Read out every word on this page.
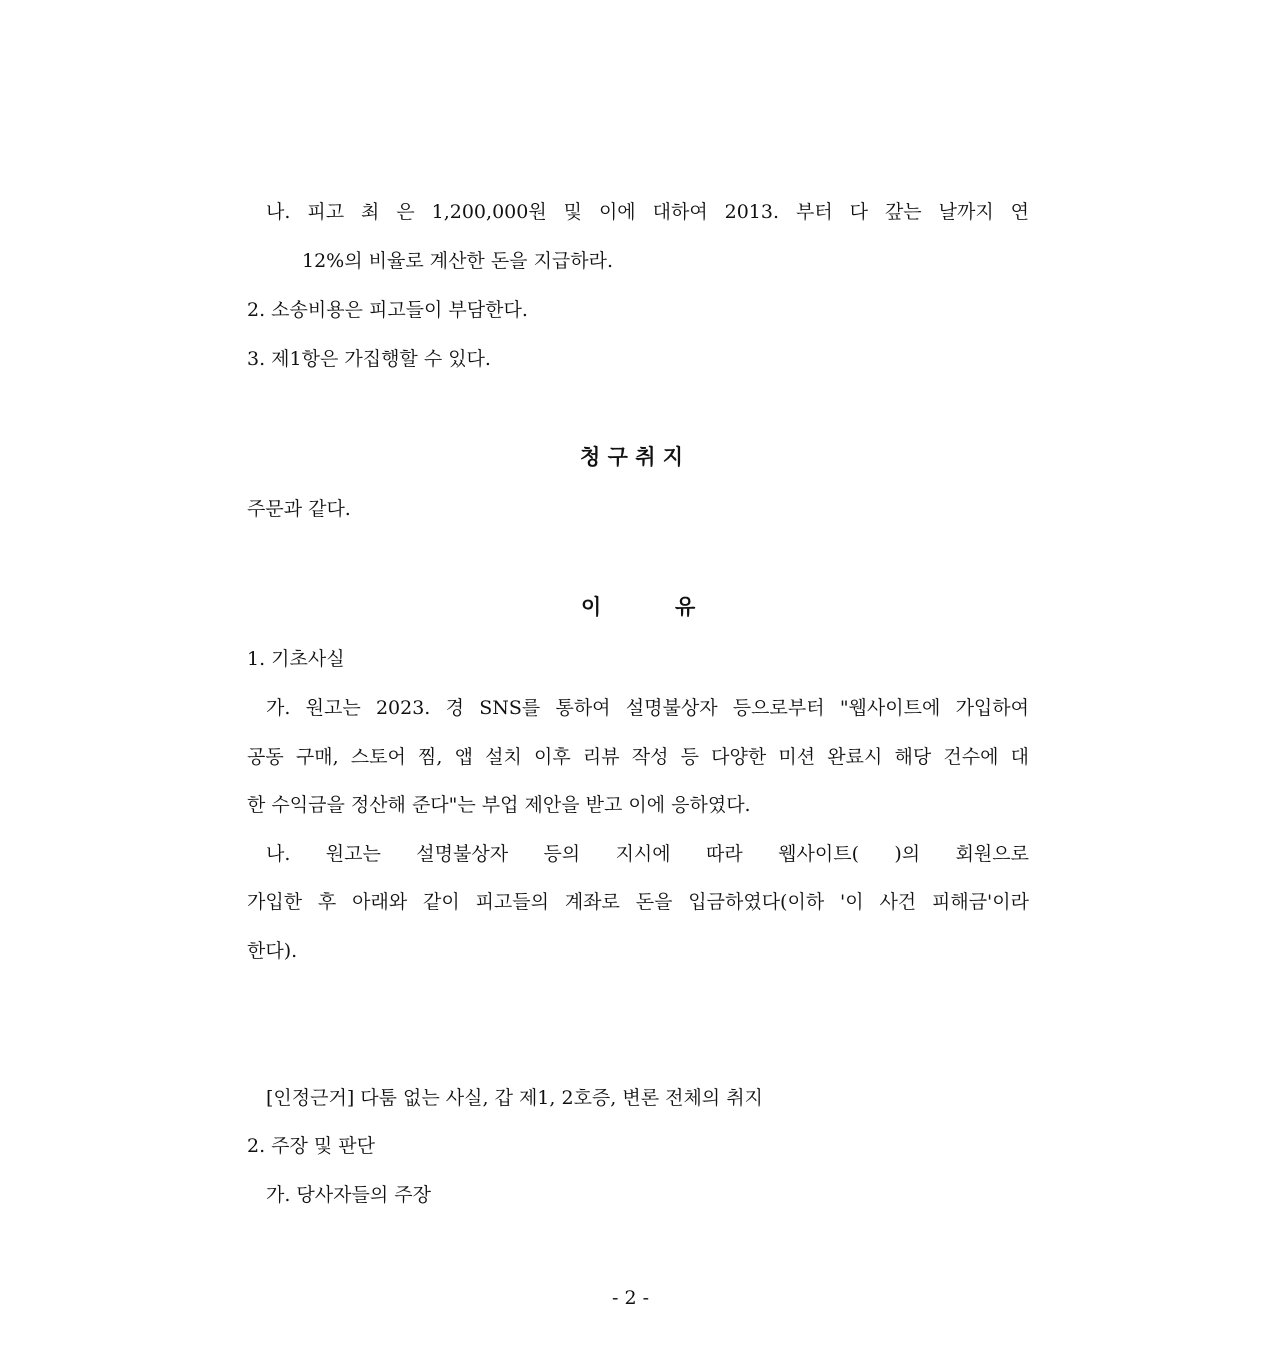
나. 피고 최 은 1,200,000원 및 이에 대하여 2013. 부터 다 갚는 날까지 연
12%의 비율로 계산한 돈을 지급하라.
2. 소송비용은 피고들이 부담한다.
3. 제1항은 가집행할 수 있다.
청 구 취 지
주문과 같다.
이	유
1. 기초사실
가. 원고는 2023. 경 SNS를 통하여 설명불상자 등으로부터 "웹사이트에 가입하여
공동 구매, 스토어 찜, 앱 설치 이후 리뷰 작성 등 다양한 미션 완료시 해당 건수에 대
한 수익금을 정산해 준다"는 부업 제안을 받고 이에 응하였다.
나. 원고는 설명불상자 등의 지시에 따라 웹사이트( )의 회원으로
가입한 후 아래와 같이 피고들의 계좌로 돈을 입금하였다(이하 '이 사건 피해금'이라
한다).
[인정근거] 다툼 없는 사실, 갑 제1, 2호증, 변론 전체의 취지
2. 주장 및 판단
가. 당사자들의 주장
- 2 -
